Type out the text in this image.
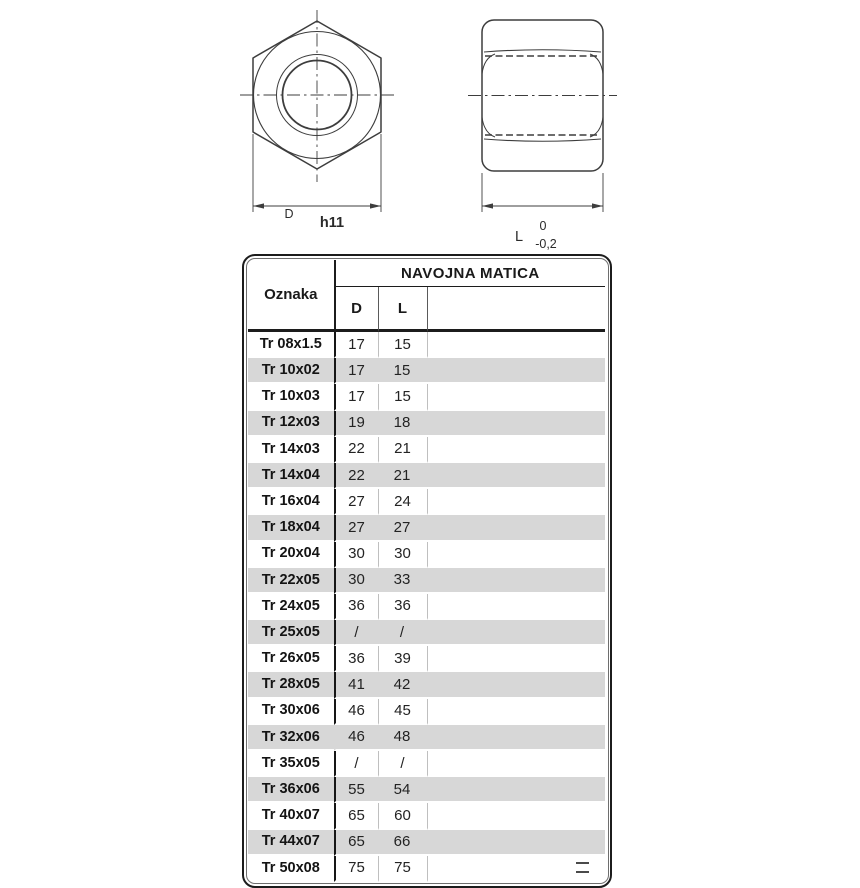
D
h11
L
0
-0,2
Oznaka	NAVOJNA MATICA		
	D	L	
Tr 08x1.5	17	15	
Tr 10x02	17	15	
Tr 10x03	17	15	
Tr 12x03	19	18	
Tr 14x03	22	21	
Tr 14x04	22	21	
Tr 16x04	27	24	
Tr 18x04	27	27	
Tr 20x04	30	30	
Tr 22x05	30	33	
Tr 24x05	36	36	
Tr 25x05	/	/	
Tr 26x05	36	39	
Tr 28x05	41	42	
Tr 30x06	46	45	
Tr 32x06	46	48	
Tr 35x05	/	/	
Tr 36x06	55	54	
Tr 40x07	65	60	
Tr 44x07	65	66	
Tr 50x08	75	75	
